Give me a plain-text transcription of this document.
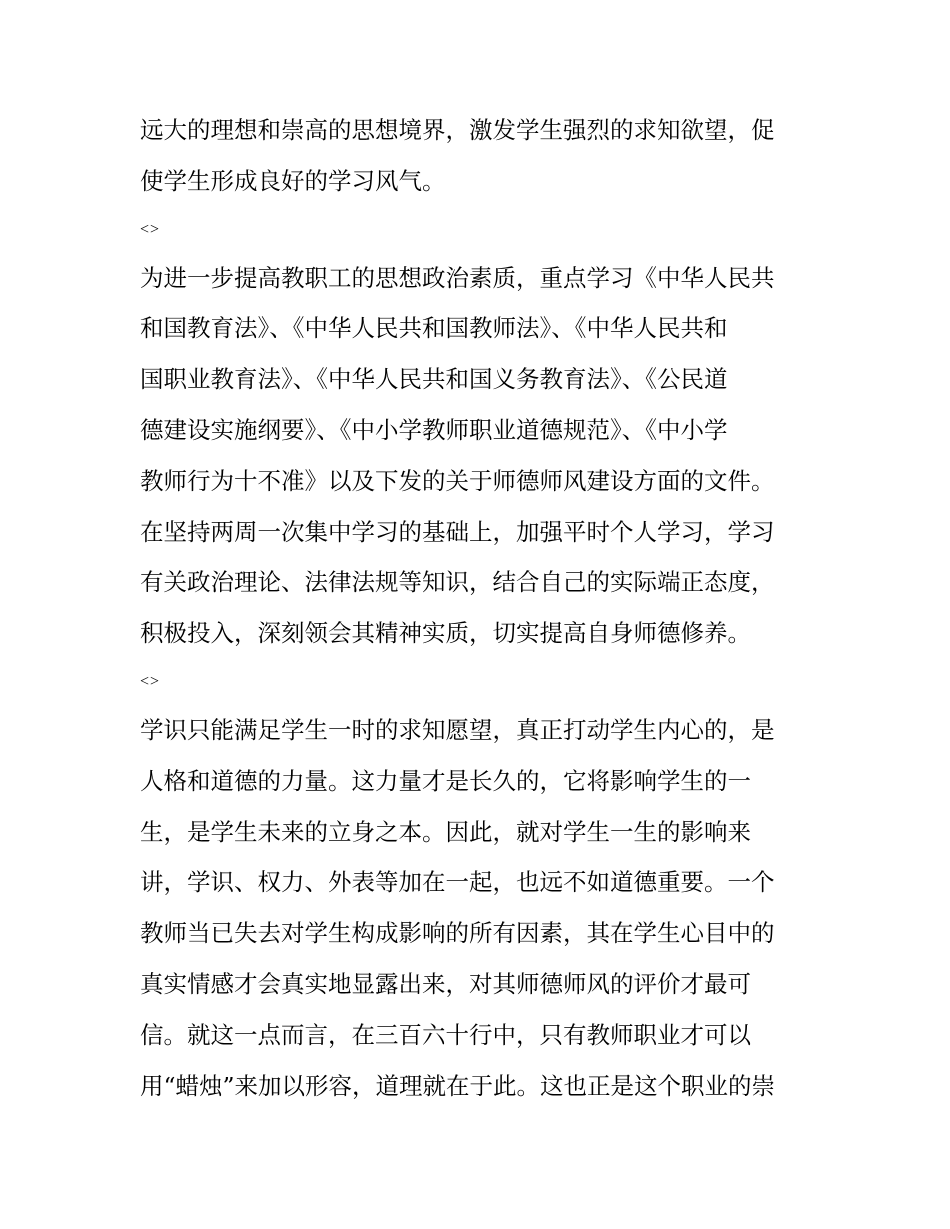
远大的理想和崇高的思想境界，激发学生强烈的求知欲望，促
使学生形成良好的学习风气。
<>
为进一步提高教职工的思想政治素质，重点学习《中华人民共
和国教育法》、《中华人民共和国教师法》、《中华人民共和
国职业教育法》、《中华人民共和国义务教育法》、《公民道
德建设实施纲要》、《中小学教师职业道德规范》、《中小学
教师行为十不准》以及下发的关于师德师风建设方面的文件。
在坚持两周一次集中学习的基础上，加强平时个人学习，学习
有关政治理论、法律法规等知识，结合自己的实际端正态度，
积极投入，深刻领会其精神实质，切实提高自身师德修养。
<>
学识只能满足学生一时的求知愿望，真正打动学生内心的，是
人格和道德的力量。这力量才是长久的，它将影响学生的一
生，是学生未来的立身之本。因此，就对学生一生的影响来
讲，学识、权力、外表等加在一起，也远不如道德重要。一个
教师当已失去对学生构成影响的所有因素，其在学生心目中的
真实情感才会真实地显露出来，对其师德师风的评价才最可
信。就这一点而言，在三百六十行中，只有教师职业才可以
用“蜡烛”来加以形容，道理就在于此。这也正是这个职业的崇
